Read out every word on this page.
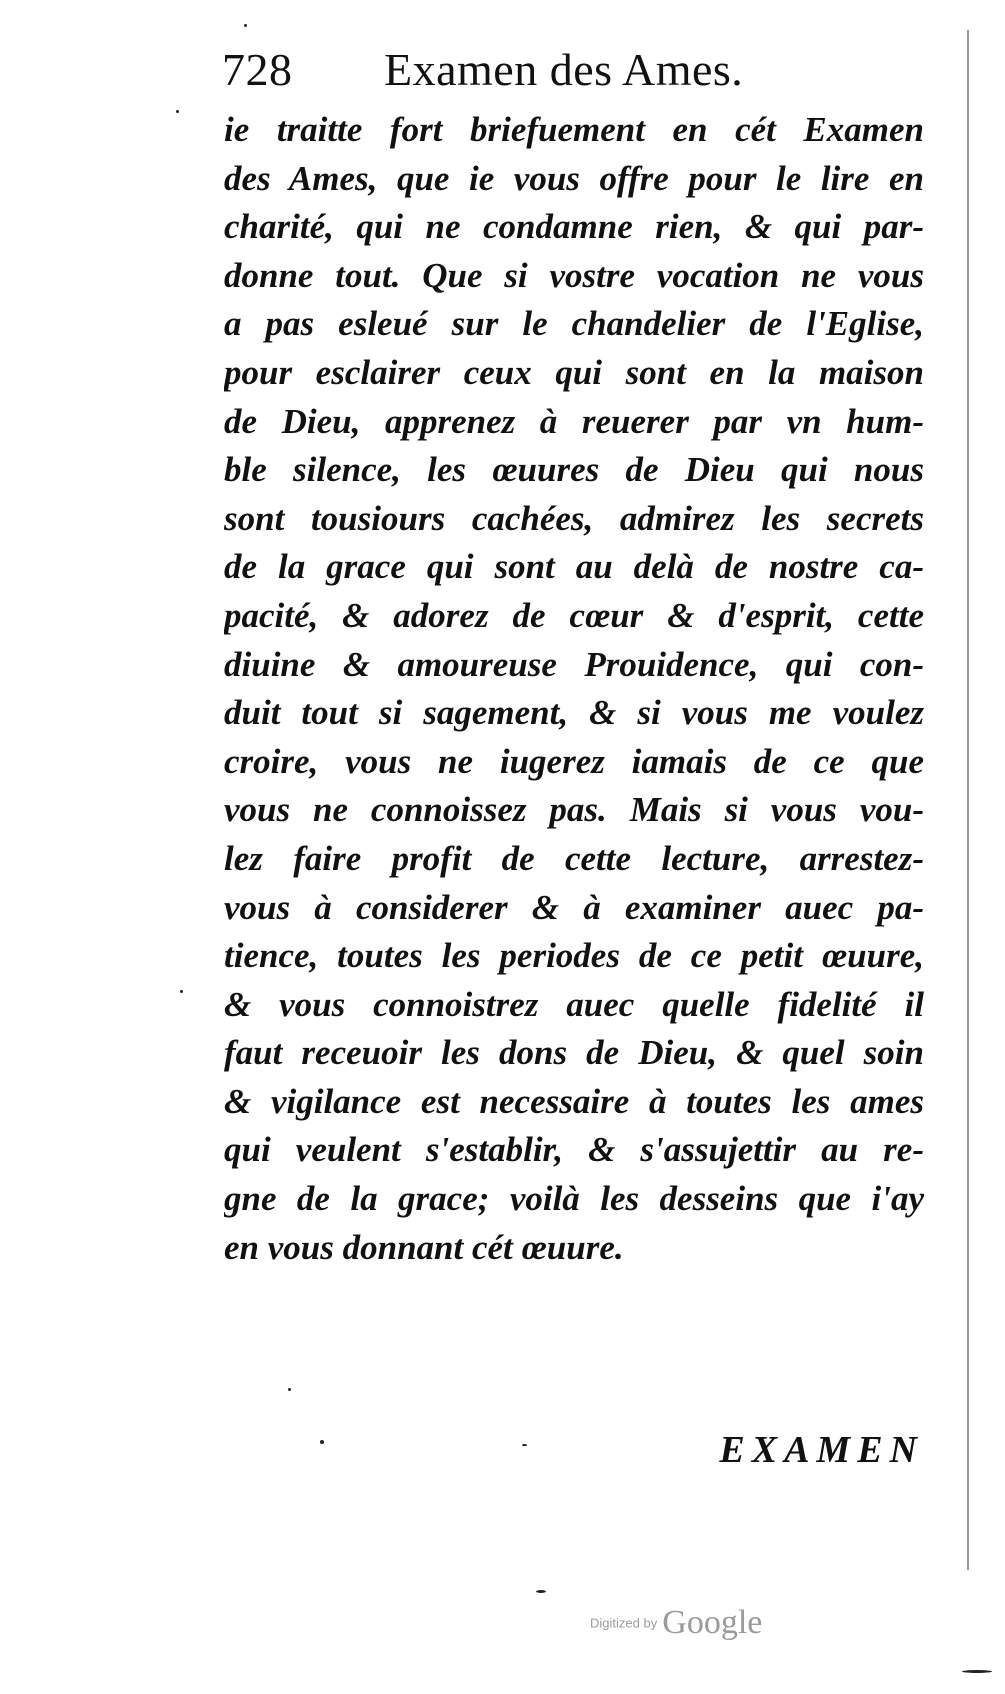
728 Examen des Ames.
ie traitte fort briefuement en cét Examen
des Ames, que ie vous offre pour le lire en
charité, qui ne condamne rien, & qui par-
donne tout. Que si vostre vocation ne vous
a pas esleué sur le chandelier de l'Eglise,
pour esclairer ceux qui sont en la maison
de Dieu, apprenez à reuerer par vn hum-
ble silence, les œuures de Dieu qui nous
sont tousiours cachées, admirez les secrets
de la grace qui sont au delà de nostre ca-
pacité, & adorez de cœur & d'esprit, cette
diuine & amoureuse Prouidence, qui con-
duit tout si sagement, & si vous me voulez
croire, vous ne iugerez iamais de ce que
vous ne connoissez pas. Mais si vous vou-
lez faire profit de cette lecture, arrestez-
vous à considerer & à examiner auec pa-
tience, toutes les periodes de ce petit œuure,
& vous connoistrez auec quelle fidelité il
faut receuoir les dons de Dieu, & quel soin
& vigilance est necessaire à toutes les ames
qui veulent s'establir, & s'assujettir au re-
gne de la grace; voilà les desseins que i'ay
en vous donnant cét œuure.
EXAMEN
Digitized by Google
